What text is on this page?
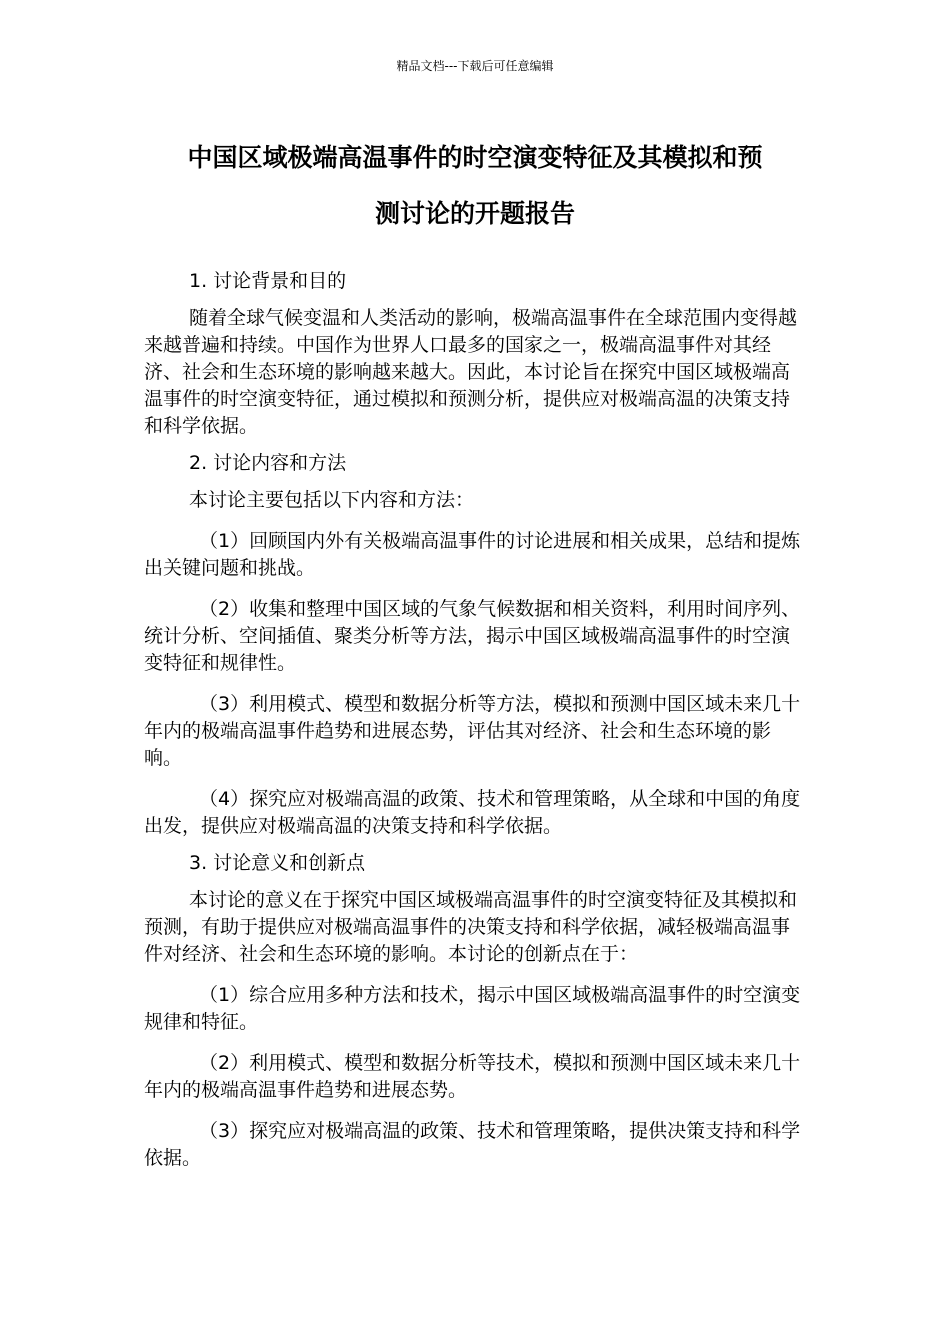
精品文档---下载后可任意编辑
中国区域极端高温事件的时空演变特征及其模拟和预
测讨论的开题报告

1. 讨论背景和目的

随着全球气候变温和人类活动的影响，极端高温事件在全球范围内变得越来越普遍和持续。中国作为世界人口最多的国家之一，极端高温事件对其经济、社会和生态环境的影响越来越大。因此，本讨论旨在探究中国区域极端高温事件的时空演变特征，通过模拟和预测分析，提供应对极端高温的决策支持和科学依据。

2. 讨论内容和方法

本讨论主要包括以下内容和方法：

（1）回顾国内外有关极端高温事件的讨论进展和相关成果，总结和提炼出关键问题和挑战。

（2）收集和整理中国区域的气象气候数据和相关资料，利用时间序列、统计分析、空间插值、聚类分析等方法，揭示中国区域极端高温事件的时空演变特征和规律性。

（3）利用模式、模型和数据分析等方法，模拟和预测中国区域未来几十年内的极端高温事件趋势和进展态势，评估其对经济、社会和生态环境的影响。

（4）探究应对极端高温的政策、技术和管理策略，从全球和中国的角度出发，提供应对极端高温的决策支持和科学依据。

3. 讨论意义和创新点

本讨论的意义在于探究中国区域极端高温事件的时空演变特征及其模拟和预测，有助于提供应对极端高温事件的决策支持和科学依据，减轻极端高温事件对经济、社会和生态环境的影响。本讨论的创新点在于：

（1）综合应用多种方法和技术，揭示中国区域极端高温事件的时空演变规律和特征。

（2）利用模式、模型和数据分析等技术，模拟和预测中国区域未来几十年内的极端高温事件趋势和进展态势。

（3）探究应对极端高温的政策、技术和管理策略，提供决策支持和科学依据。
